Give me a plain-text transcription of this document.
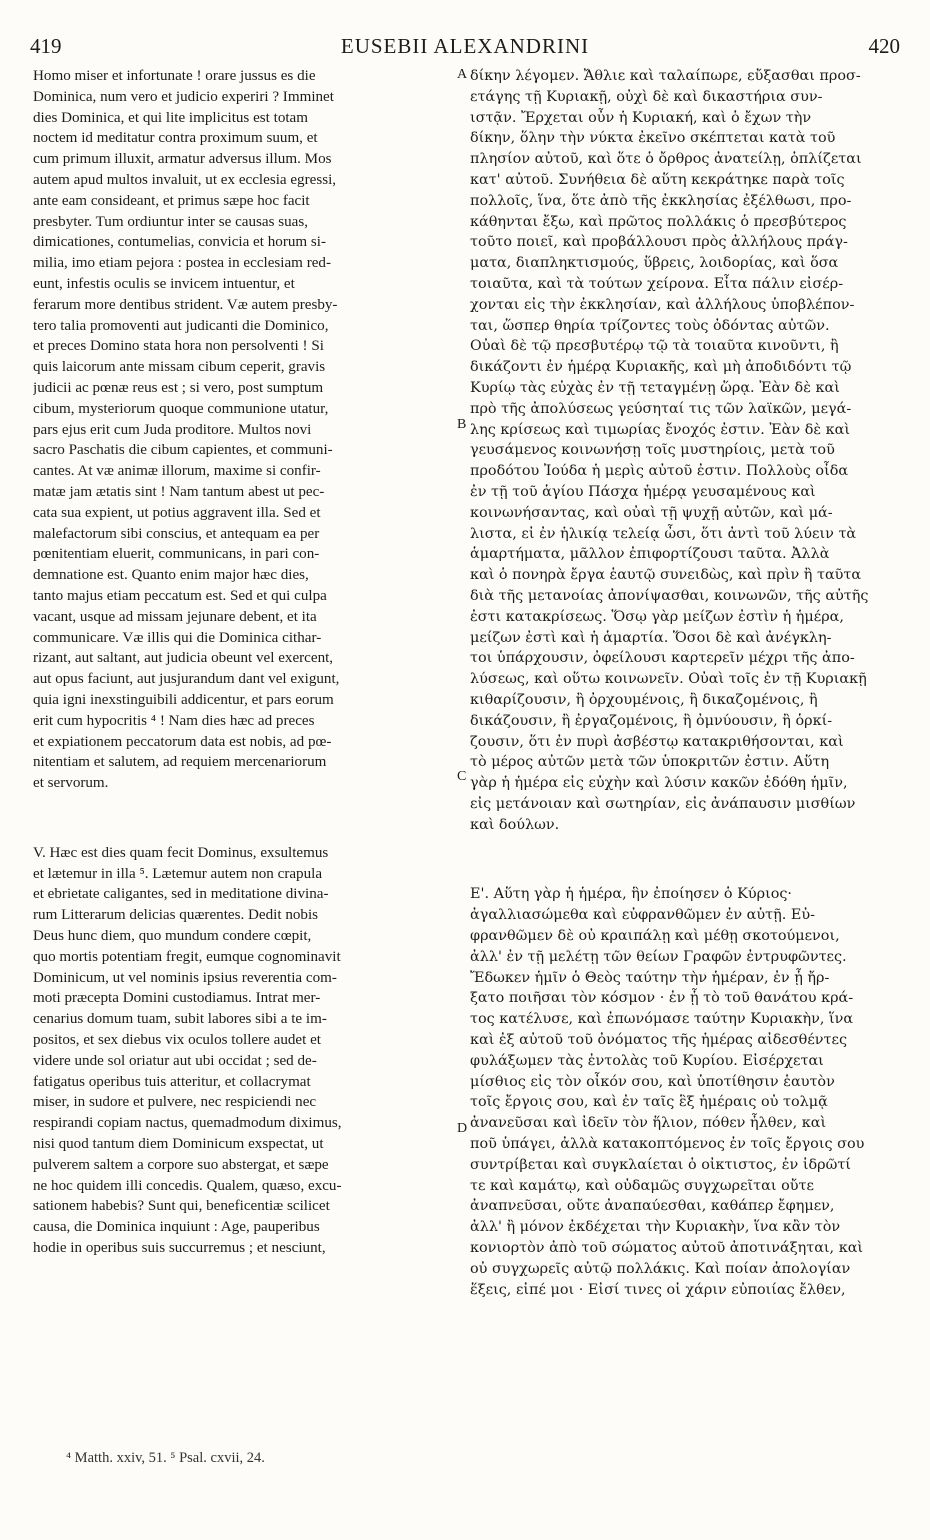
419	EUSEBII ALEXANDRINI	420
Homo miser et infortunate ! orare jussus es die
Dominica, num vero et judicio experiri ? Imminet
dies Dominica, et qui lite implicitus est totam
noctem id meditatur contra proximum suum, et
cum primum illuxit, armatur adversus illum. Mos
autem apud multos invaluit, ut ex ecclesia egressi,
ante eam consideant, et primus sæpe hoc facit
presbyter. Tum ordiuntur inter se causas suas,
dimicationes, contumelias, convicia et horum si-
milia, imo etiam pejora : postea in ecclesiam red-
eunt, infestis oculis se invicem intuentur, et
ferarum more dentibus strident. Væ autem presby-
tero talia promoventi aut judicanti die Dominico,
et preces Domino stata hora non persolventi ! Si
quis laicorum ante missam cibum ceperit, gravis
judicii ac pœnæ reus est ; si vero, post sumptum
cibum, mysteriorum quoque communione utatur,
pars ejus erit cum Juda proditore. Multos novi
sacro Paschatis die cibum capientes, et communi-
cantes. At væ animæ illorum, maxime si confir-
matæ jam ætatis sint ! Nam tantum abest ut pec-
cata sua expient, ut potius aggravent illa. Sed et
malefactorum sibi conscius, et antequam ea per
pœnitentiam eluerit, communicans, in pari con-
demnatione est. Quanto enim major hæc dies,
tanto majus etiam peccatum est. Sed et qui culpa
vacant, usque ad missam jejunare debent, et ita
communicare. Væ illis qui die Dominica cithar-
rizant, aut saltant, aut judicia obeunt vel exercent,
aut opus faciunt, aut jusjurandum dant vel exigunt,
quia igni inexstinguibili addicentur, et pars eorum
erit cum hypocritis ⁴ ! Nam dies hæc ad preces
et expiationem peccatorum data est nobis, ad pœ-
nitentiam et salutem, ad requiem mercenariorum
et servorum.
V. Hæc est dies quam fecit Dominus, exsultemus
et lætemur in illa ⁵. Lætemur autem non crapula
et ebrietate caligantes, sed in meditatione divina-
rum Litterarum delicias quærentes. Dedit nobis
Deus hunc diem, quo mundum condere cœpit,
quo mortis potentiam fregit, eumque cognominavit
Dominicum, ut vel nominis ipsius reverentia com-
moti præcepta Domini custodiamus. Intrat mer-
cenarius domum tuam, subit labores sibi a te im-
positos, et sex diebus vix oculos tollere audet et
videre unde sol oriatur aut ubi occidat ; sed de-
fatigatus operibus tuis atteritur, et collacrymat
miser, in sudore et pulvere, nec respiciendi nec
respirandi copiam nactus, quemadmodum diximus,
nisi quod tantum diem Dominicum exspectat, ut
pulverem saltem a corpore suo abstergat, et sæpe
ne hoc quidem illi concedis. Qualem, quæso, excu-
sationem habebis? Sunt qui, beneficentiæ scilicet
causa, die Dominica inquiunt : Age, pauperibus
hodie in operibus suis succurremus ; et nesciunt,
δίκην λέγομεν. Ἄθλιε καὶ ταλαίπωρε, εὔξασθαι προσ-
ετάγης τῇ Κυριακῇ, οὐχὶ δὲ καὶ δικαστήρια συν-
ιστᾷν. Ἔρχεται οὖν ἡ Κυριακή, καὶ ὁ ἔχων τὴν
δίκην, ὅλην τὴν νύκτα ἐκεῖνο σκέπτεται κατὰ τοῦ
πλησίον αὐτοῦ, καὶ ὅτε ὁ ὄρθρος ἀνατείλῃ, ὁπλίζεται
κατ' αὐτοῦ. Συνήθεια δὲ αὕτη κεκράτηκε παρὰ τοῖς
πολλοῖς, ἵνα, ὅτε ἀπὸ τῆς ἐκκλησίας ἐξέλθωσι, προ-
κάθηνται ἔξω, καὶ πρῶτος πολλάκις ὁ πρεσβύτερος
τοῦτο ποιεῖ, καὶ προβάλλουσι πρὸς ἀλλήλους πράγ-
ματα, διαπληκτισμούς, ὕβρεις, λοιδορίας, καὶ ὅσα
τοιαῦτα, καὶ τὰ τούτων χείρονα. Εἶτα πάλιν εἰσέρ-
χονται εἰς τὴν ἐκκλησίαν, καὶ ἀλλήλους ὑποβλέπον-
ται, ὥσπερ θηρία τρίζοντες τοὺς ὀδόντας αὐτῶν.
Οὐαὶ δὲ τῷ πρεσβυτέρῳ τῷ τὰ τοιαῦτα κινοῦντι, ἢ
δικάζοντι ἐν ἡμέρᾳ Κυριακῆς, καὶ μὴ ἀποδιδόντι τῷ
Κυρίῳ τὰς εὐχὰς ἐν τῇ τεταγμένῃ ὥρᾳ. Ἐὰν δὲ καὶ
πρὸ τῆς ἀπολύσεως γεύσηταί τις τῶν λαϊκῶν, μεγά-
λης κρίσεως καὶ τιμωρίας ἔνοχός ἐστιν. Ἐὰν δὲ καὶ
γευσάμενος κοινωνήσῃ τοῖς μυστηρίοις, μετὰ τοῦ
προδότου Ἰούδα ἡ μερὶς αὐτοῦ ἐστιν. Πολλοὺς οἶδα
ἐν τῇ τοῦ ἁγίου Πάσχα ἡμέρᾳ γευσαμένους καὶ
κοινωνήσαντας, καὶ οὐαὶ τῇ ψυχῇ αὐτῶν, καὶ μά-
λιστα, εἰ ἐν ἡλικίᾳ τελείᾳ ὦσι, ὅτι ἀντὶ τοῦ λύειν τὰ
ἁμαρτήματα, μᾶλλον ἐπιφορτίζουσι ταῦτα. Ἀλλὰ
καὶ ὁ πονηρὰ ἔργα ἑαυτῷ συνειδὼς, καὶ πρὶν ἢ ταῦτα
διὰ τῆς μετανοίας ἀπονίψασθαι, κοινωνῶν, τῆς αὐτῆς
ἐστι κατακρίσεως. Ὅσῳ γὰρ μείζων ἐστὶν ἡ ἡμέρα,
μείζων ἐστὶ καὶ ἡ ἁμαρτία. Ὅσοι δὲ καὶ ἀνέγκλη-
τοι ὑπάρχουσιν, ὀφείλουσι καρτερεῖν μέχρι τῆς ἀπο-
λύσεως, καὶ οὕτω κοινωνεῖν. Οὐαὶ τοῖς ἐν τῇ Κυριακῇ
κιθαρίζουσιν, ἢ ὀρχουμένοις, ἢ δικαζομένοις, ἢ
δικάζουσιν, ἢ ἐργαζομένοις, ἢ ὀμνύουσιν, ἢ ὁρκί-
ζουσιν, ὅτι ἐν πυρὶ ἀσβέστῳ κατακριθήσονται, καὶ
τὸ μέρος αὐτῶν μετὰ τῶν ὑποκριτῶν ἐστιν. Αὕτη
γὰρ ἡ ἡμέρα εἰς εὐχὴν καὶ λύσιν κακῶν ἐδόθη ἡμῖν,
εἰς μετάνοιαν καὶ σωτηρίαν, εἰς ἀνάπαυσιν μισθίων
καὶ δούλων.
Ε'. Αὕτη γὰρ ἡ ἡμέρα, ἣν ἐποίησεν ὁ Κύριος·
ἀγαλλιασώμεθα καὶ εὐφρανθῶμεν ἐν αὐτῇ. Εὐ-
φρανθῶμεν δὲ οὐ κραιπάλῃ καὶ μέθῃ σκοτούμενοι,
ἀλλ' ἐν τῇ μελέτῃ τῶν θείων Γραφῶν ἐντρυφῶντες.
Ἔδωκεν ἡμῖν ὁ Θεὸς ταύτην τὴν ἡμέραν, ἐν ᾗ ἤρ-
ξατο ποιῆσαι τὸν κόσμον · ἐν ᾗ τὸ τοῦ θανάτου κρά-
τος κατέλυσε, καὶ ἐπωνόμασε ταύτην Κυριακὴν, ἵνα
καὶ ἐξ αὐτοῦ τοῦ ὀνόματος τῆς ἡμέρας αἰδεσθέντες
φυλάξωμεν τὰς ἐντολὰς τοῦ Κυρίου. Εἰσέρχεται
μίσθιος εἰς τὸν οἶκόν σου, καὶ ὑποτίθησιν ἑαυτὸν
τοῖς ἔργοις σου, καὶ ἐν ταῖς ἓξ ἡμέραις οὐ τολμᾷ
ἀνανεῦσαι καὶ ἰδεῖν τὸν ἥλιον, πόθεν ἦλθεν, καὶ
ποῦ ὑπάγει, ἀλλὰ κατακοπτόμενος ἐν τοῖς ἔργοις σου
συντρίβεται καὶ συγκλαίεται ὁ οἰκτιστος, ἐν ἱδρῶτί
τε καὶ καμάτῳ, καὶ οὐδαμῶς συγχωρεῖται οὔτε
ἀναπνεῦσαι, οὔτε ἀναπαύεσθαι, καθάπερ ἔφημεν,
ἀλλ' ἢ μόνον ἐκδέχεται τὴν Κυριακὴν, ἵνα κἂν τὸν
κονιορτὸν ἀπὸ τοῦ σώματος αὐτοῦ ἀποτινάξηται, καὶ
οὐ συγχωρεῖς αὐτῷ πολλάκις. Καὶ ποίαν ἀπολογίαν
ἕξεις, εἰπέ μοι · Εἰσί τινες οἱ χάριν εὐποιίας ἔλθεν,
A
B
C
D
⁴ Matth. xxiv, 51. ⁵ Psal. cxvii, 24.
